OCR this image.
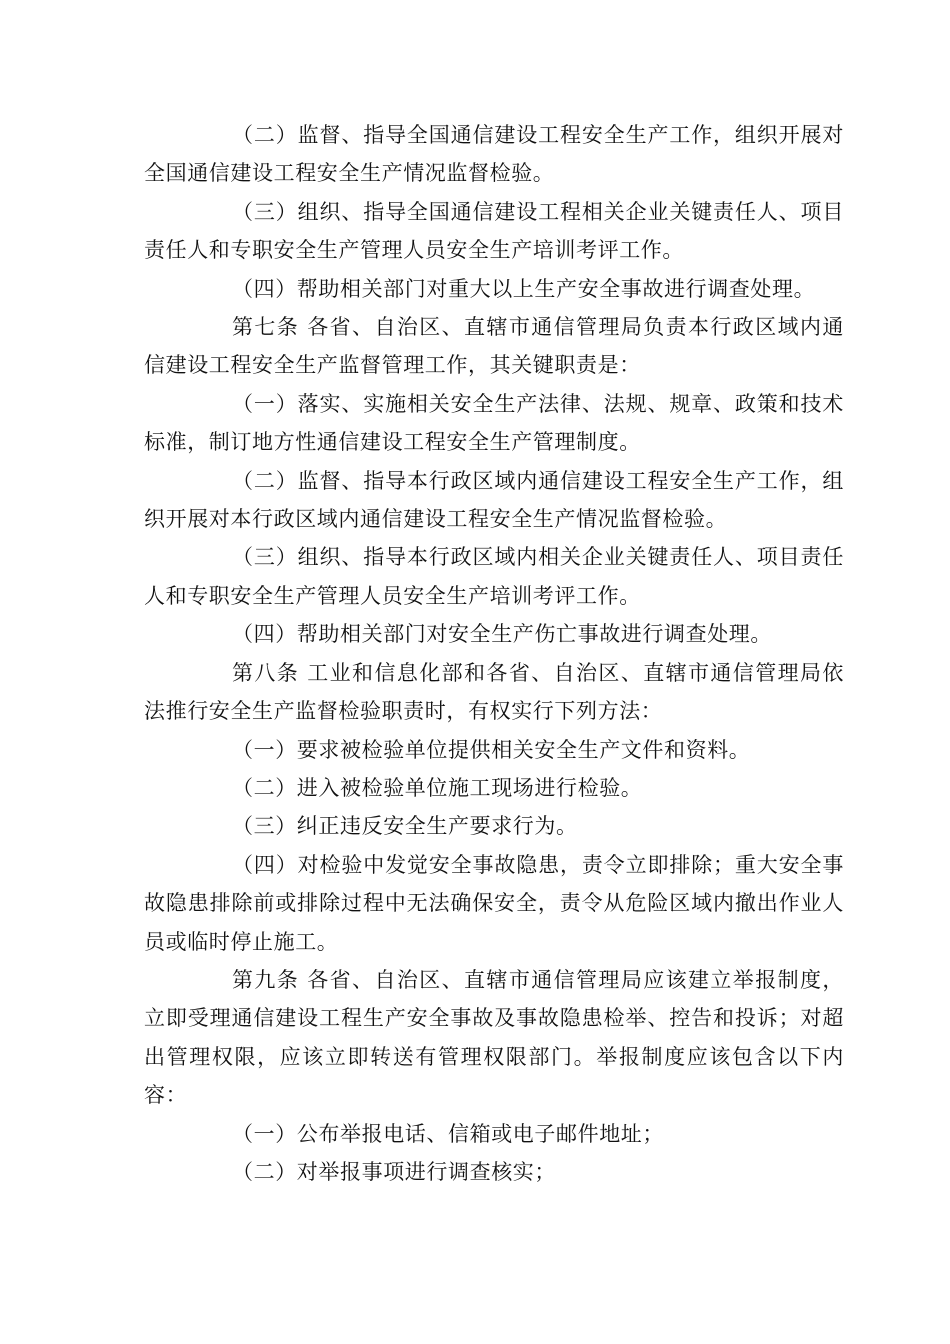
（二）监督、指导全国通信建设工程安全生产工作，组织开展对全国通信建设工程安全生产情况监督检验。

（三）组织、指导全国通信建设工程相关企业关键责任人、项目责任人和专职安全生产管理人员安全生产培训考评工作。

（四）帮助相关部门对重大以上生产安全事故进行调查处理。

第七条 各省、自治区、直辖市通信管理局负责本行政区域内通信建设工程安全生产监督管理工作，其关键职责是：

（一）落实、实施相关安全生产法律、法规、规章、政策和技术标准，制订地方性通信建设工程安全生产管理制度。

（二）监督、指导本行政区域内通信建设工程安全生产工作，组织开展对本行政区域内通信建设工程安全生产情况监督检验。

（三）组织、指导本行政区域内相关企业关键责任人、项目责任人和专职安全生产管理人员安全生产培训考评工作。

（四）帮助相关部门对安全生产伤亡事故进行调查处理。

第八条 工业和信息化部和各省、自治区、直辖市通信管理局依法推行安全生产监督检验职责时，有权实行下列方法：

（一）要求被检验单位提供相关安全生产文件和资料。

（二）进入被检验单位施工现场进行检验。

（三）纠正违反安全生产要求行为。

（四）对检验中发觉安全事故隐患，责令立即排除；重大安全事故隐患排除前或排除过程中无法确保安全，责令从危险区域内撤出作业人员或临时停止施工。

第九条 各省、自治区、直辖市通信管理局应该建立举报制度，立即受理通信建设工程生产安全事故及事故隐患检举、控告和投诉；对超出管理权限，应该立即转送有管理权限部门。举报制度应该包含以下内容：

（一）公布举报电话、信箱或电子邮件地址；

（二）对举报事项进行调查核实；
